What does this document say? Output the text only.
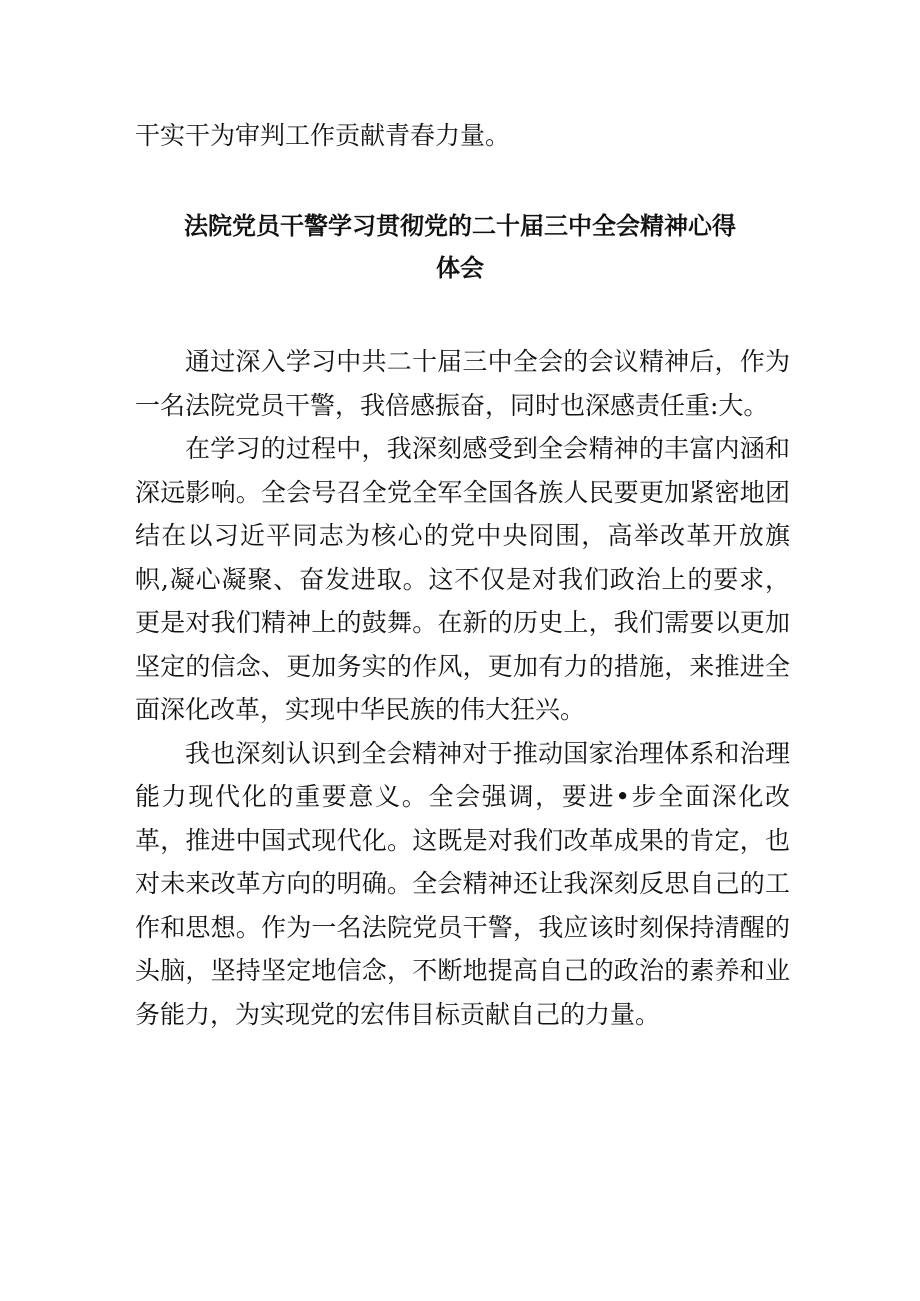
干实干为审判工作贡献青春力量。

法院党员干警学习贯彻党的二十届三中全会精神心得
体会

通过深入学习中共二十届三中全会的会议精神后，作为一名法院党员干警，我倍感振奋，同时也深感责任重:大。

在学习的过程中，我深刻感受到全会精神的丰富内涵和深远影响。全会号召全党全军全国各族人民要更加紧密地团结在以习近平同志为核心的党中央冏围，高举改革开放旗帜,凝心凝聚、奋发进取。这不仅是对我们政治上的要求，更是对我们精神上的鼓舞。在新的历史上，我们需要以更加坚定的信念、更加务实的作风，更加有力的措施，来推进全面深化改革，实现中华民族的伟大狂兴。

我也深刻认识到全会精神对于推动国家治理体系和治理能力现代化的重要意义。全会强调，要进•步全面深化改革，推进中国式现代化。这既是对我们改革成果的肯定，也对未来改革方向的明确。全会精神还让我深刻反思自己的工作和思想。作为一名法院党员干警，我应该时刻保持清醒的头脑，坚持坚定地信念，不断地提高自己的政治的素养和业务能力，为实现党的宏伟目标贡献自己的力量。
